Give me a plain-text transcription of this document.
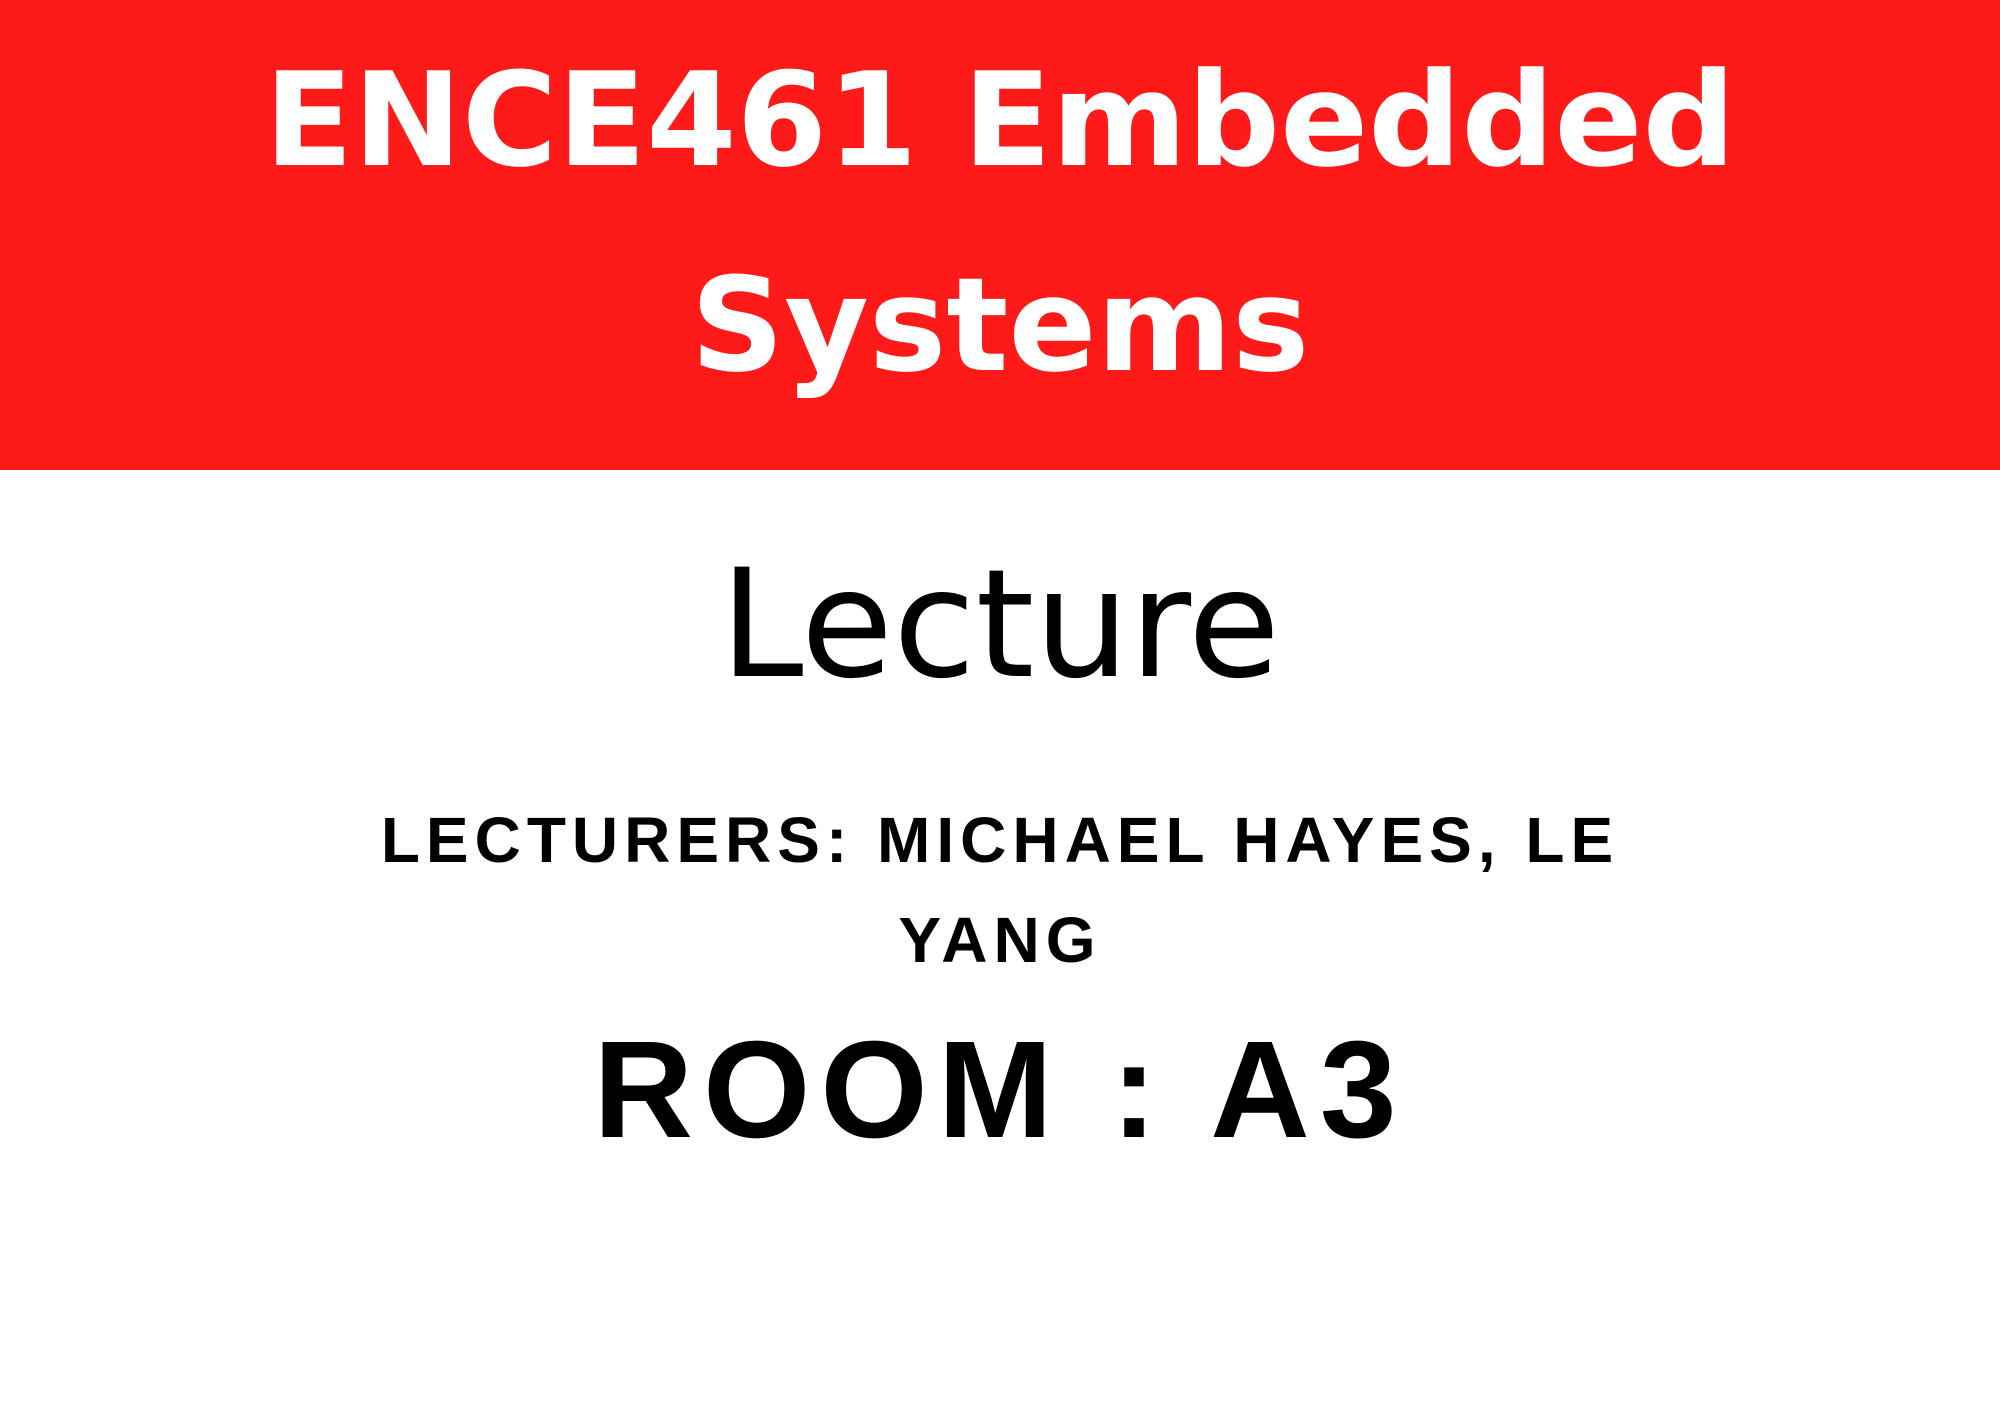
ENCE461 Embedded
Systems
Lecture
LECTURERS: MICHAEL HAYES, LE YANG
ROOM : A3
